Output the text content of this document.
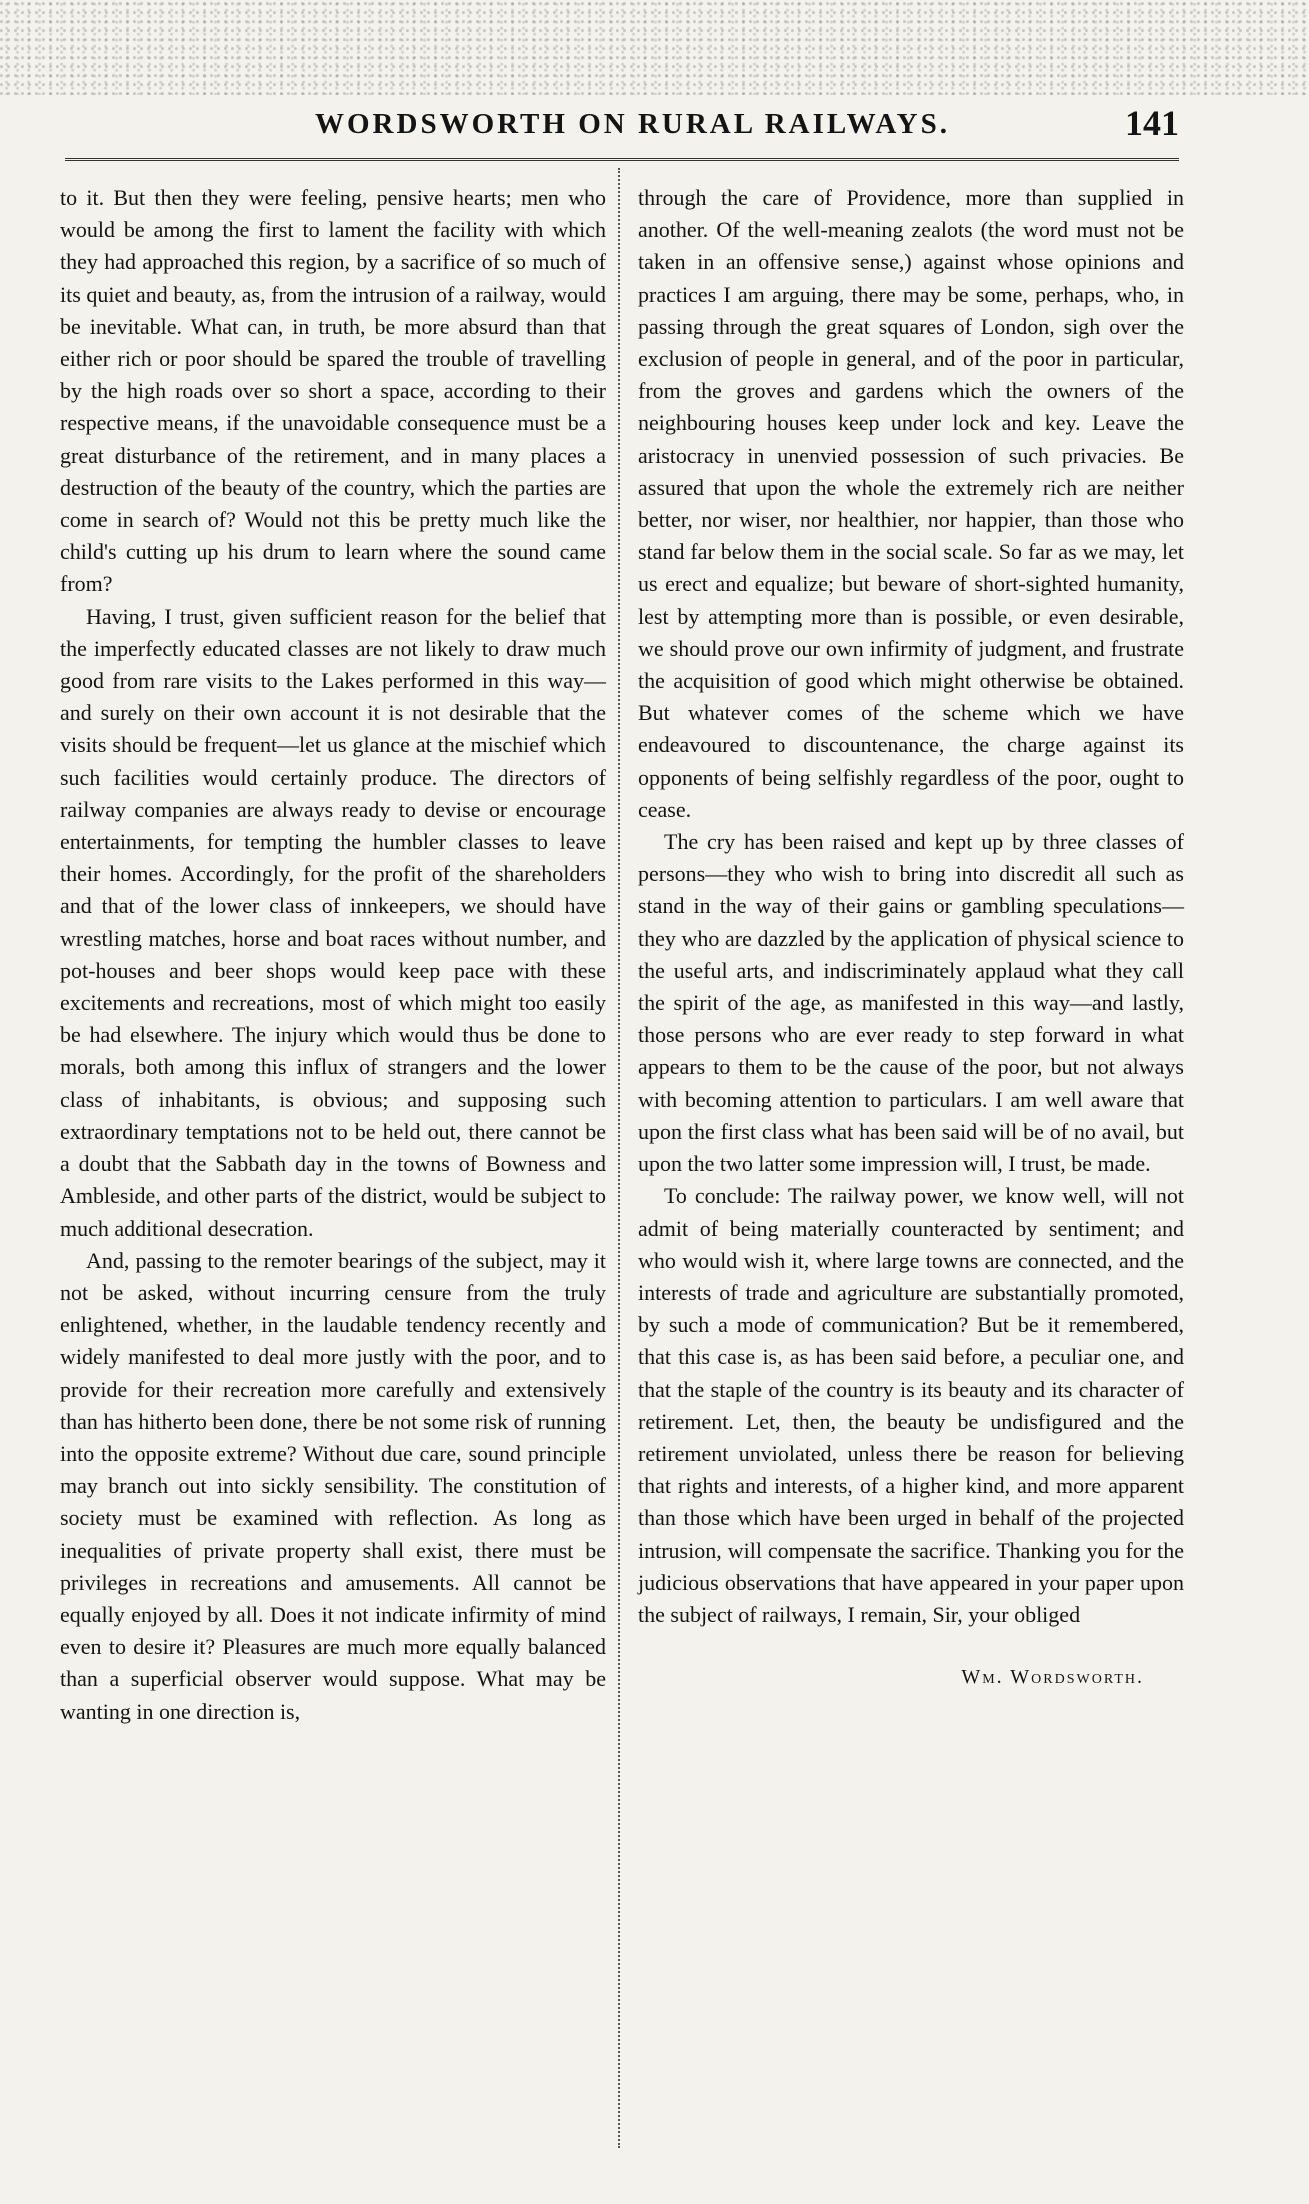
WORDSWORTH ON RURAL RAILWAYS.	141

to it. But then they were feeling, pensive hearts; men who would be among the first to lament the facility with which they had approached this region, by a sacrifice of so much of its quiet and beauty, as, from the intrusion of a railway, would be inevitable. What can, in truth, be more absurd than that either rich or poor should be spared the trouble of travelling by the high roads over so short a space, according to their respective means, if the unavoidable consequence must be a great disturbance of the retirement, and in many places a destruction of the beauty of the country, which the parties are come in search of? Would not this be pretty much like the child's cutting up his drum to learn where the sound came from?

Having, I trust, given sufficient reason for the belief that the imperfectly educated classes are not likely to draw much good from rare visits to the Lakes performed in this way—and surely on their own account it is not desirable that the visits should be frequent—let us glance at the mischief which such facilities would certainly produce. The directors of railway companies are always ready to devise or encourage entertainments, for tempting the humbler classes to leave their homes. Accordingly, for the profit of the shareholders and that of the lower class of innkeepers, we should have wrestling matches, horse and boat races without number, and pot-houses and beer shops would keep pace with these excitements and recreations, most of which might too easily be had elsewhere. The injury which would thus be done to morals, both among this influx of strangers and the lower class of inhabitants, is obvious; and supposing such extraordinary temptations not to be held out, there cannot be a doubt that the Sabbath day in the towns of Bowness and Ambleside, and other parts of the district, would be subject to much additional desecration.

And, passing to the remoter bearings of the subject, may it not be asked, without incurring censure from the truly enlightened, whether, in the laudable tendency recently and widely manifested to deal more justly with the poor, and to provide for their recreation more carefully and extensively than has hitherto been done, there be not some risk of running into the opposite extreme? Without due care, sound principle may branch out into sickly sensibility. The constitution of society must be examined with reflection. As long as inequalities of private property shall exist, there must be privileges in recreations and amusements. All cannot be equally enjoyed by all. Does it not indicate infirmity of mind even to desire it? Pleasures are much more equally balanced than a superficial observer would suppose. What may be wanting in one direction is,

through the care of Providence, more than supplied in another. Of the well-meaning zealots (the word must not be taken in an offensive sense,) against whose opinions and practices I am arguing, there may be some, perhaps, who, in passing through the great squares of London, sigh over the exclusion of people in general, and of the poor in particular, from the groves and gardens which the owners of the neighbouring houses keep under lock and key. Leave the aristocracy in unenvied possession of such privacies. Be assured that upon the whole the extremely rich are neither better, nor wiser, nor healthier, nor happier, than those who stand far below them in the social scale. So far as we may, let us erect and equalize; but beware of short-sighted humanity, lest by attempting more than is possible, or even desirable, we should prove our own infirmity of judgment, and frustrate the acquisition of good which might otherwise be obtained. But whatever comes of the scheme which we have endeavoured to discountenance, the charge against its opponents of being selfishly regardless of the poor, ought to cease.

The cry has been raised and kept up by three classes of persons—they who wish to bring into discredit all such as stand in the way of their gains or gambling speculations—they who are dazzled by the application of physical science to the useful arts, and indiscriminately applaud what they call the spirit of the age, as manifested in this way—and lastly, those persons who are ever ready to step forward in what appears to them to be the cause of the poor, but not always with becoming attention to particulars. I am well aware that upon the first class what has been said will be of no avail, but upon the two latter some impression will, I trust, be made.

To conclude: The railway power, we know well, will not admit of being materially counteracted by sentiment; and who would wish it, where large towns are connected, and the interests of trade and agriculture are substantially promoted, by such a mode of communication? But be it remembered, that this case is, as has been said before, a peculiar one, and that the staple of the country is its beauty and its character of retirement. Let, then, the beauty be undisfigured and the retirement unviolated, unless there be reason for believing that rights and interests, of a higher kind, and more apparent than those which have been urged in behalf of the projected intrusion, will compensate the sacrifice. Thanking you for the judicious observations that have appeared in your paper upon the subject of railways, I remain, Sir, your obliged

Wm. Wordsworth.
